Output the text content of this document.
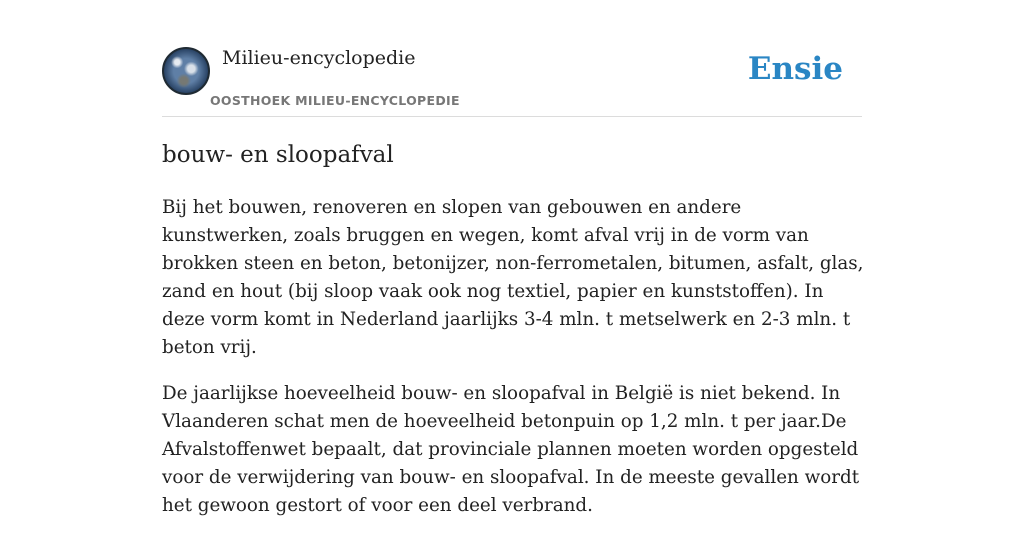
Milieu-encyclopedie
OOSTHOEK MILIEU-ENCYCLOPEDIE
Ensie
bouw- en sloopafval

Bij het bouwen, renoveren en slopen van gebouwen en andere kunstwerken, zoals bruggen en wegen, komt afval vrij in de vorm van brokken steen en beton, betonijzer, non-ferrometalen, bitumen, asfalt, glas, zand en hout (bij sloop vaak ook nog textiel, papier en kunststoffen). In deze vorm komt in Nederland jaarlijks 3-4 mln. t metselwerk en 2-3 mln. t beton vrij.

De jaarlijkse hoeveelheid bouw- en sloopafval in België is niet bekend. In Vlaanderen schat men de hoeveelheid betonpuin op 1,2 mln. t per jaar.De Afvalstoffenwet bepaalt, dat provinciale plannen moeten worden opgesteld voor de verwijdering van bouw- en sloopafval. In de meeste gevallen wordt het gewoon gestort of voor een deel verbrand.
